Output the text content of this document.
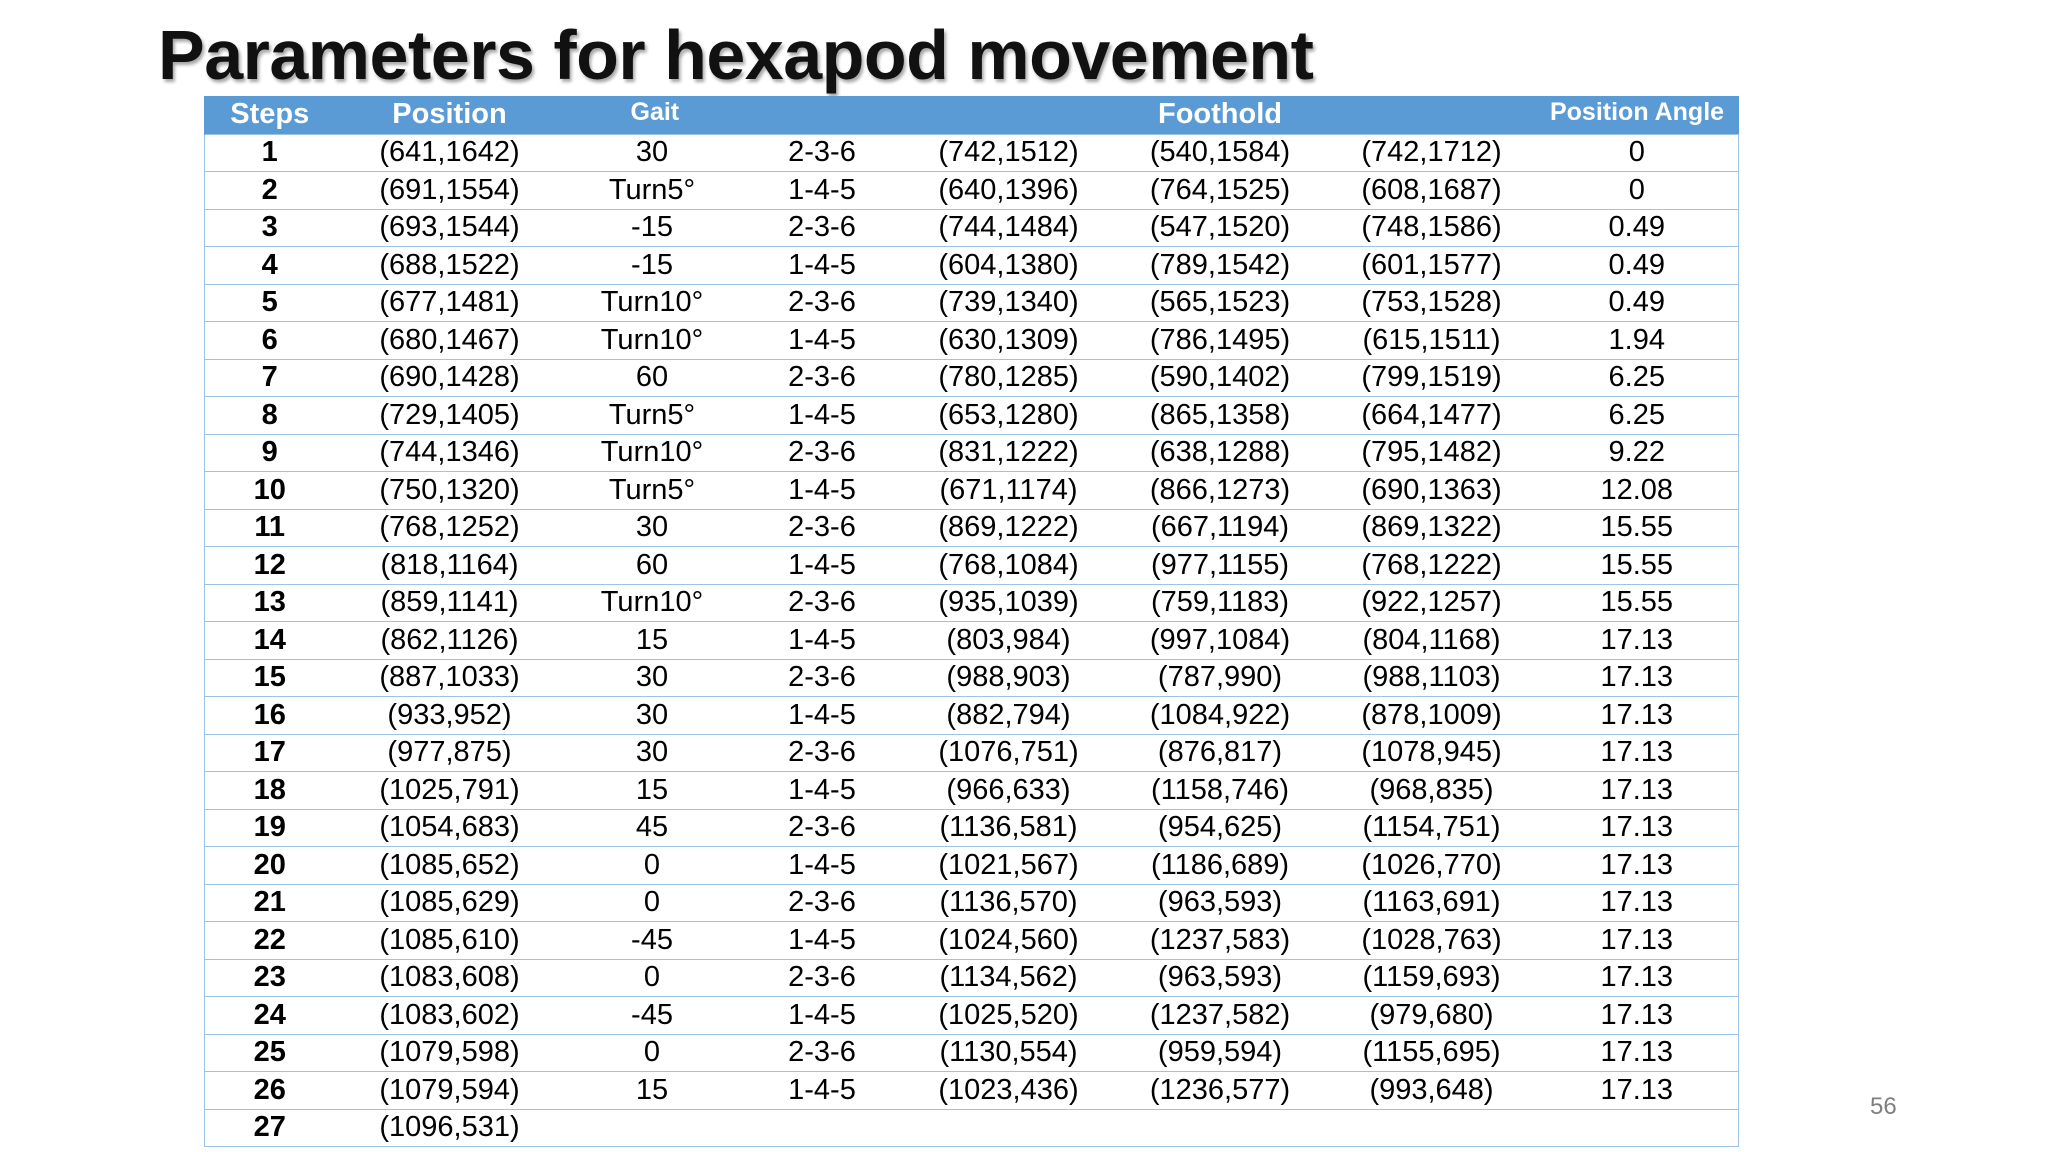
Parameters for hexapod movement
Steps	Position	Gait		Foothold			Position Angle
1	(641,1642)	30	2-3-6	(742,1512)	(540,1584)	(742,1712)	0
2	(691,1554)	Turn5°	1-4-5	(640,1396)	(764,1525)	(608,1687)	0
3	(693,1544)	-15	2-3-6	(744,1484)	(547,1520)	(748,1586)	0.49
4	(688,1522)	-15	1-4-5	(604,1380)	(789,1542)	(601,1577)	0.49
5	(677,1481)	Turn10°	2-3-6	(739,1340)	(565,1523)	(753,1528)	0.49
6	(680,1467)	Turn10°	1-4-5	(630,1309)	(786,1495)	(615,1511)	1.94
7	(690,1428)	60	2-3-6	(780,1285)	(590,1402)	(799,1519)	6.25
8	(729,1405)	Turn5°	1-4-5	(653,1280)	(865,1358)	(664,1477)	6.25
9	(744,1346)	Turn10°	2-3-6	(831,1222)	(638,1288)	(795,1482)	9.22
10	(750,1320)	Turn5°	1-4-5	(671,1174)	(866,1273)	(690,1363)	12.08
11	(768,1252)	30	2-3-6	(869,1222)	(667,1194)	(869,1322)	15.55
12	(818,1164)	60	1-4-5	(768,1084)	(977,1155)	(768,1222)	15.55
13	(859,1141)	Turn10°	2-3-6	(935,1039)	(759,1183)	(922,1257)	15.55
14	(862,1126)	15	1-4-5	(803,984)	(997,1084)	(804,1168)	17.13
15	(887,1033)	30	2-3-6	(988,903)	(787,990)	(988,1103)	17.13
16	(933,952)	30	1-4-5	(882,794)	(1084,922)	(878,1009)	17.13
17	(977,875)	30	2-3-6	(1076,751)	(876,817)	(1078,945)	17.13
18	(1025,791)	15	1-4-5	(966,633)	(1158,746)	(968,835)	17.13
19	(1054,683)	45	2-3-6	(1136,581)	(954,625)	(1154,751)	17.13
20	(1085,652)	0	1-4-5	(1021,567)	(1186,689)	(1026,770)	17.13
21	(1085,629)	0	2-3-6	(1136,570)	(963,593)	(1163,691)	17.13
22	(1085,610)	-45	1-4-5	(1024,560)	(1237,583)	(1028,763)	17.13
23	(1083,608)	0	2-3-6	(1134,562)	(963,593)	(1159,693)	17.13
24	(1083,602)	-45	1-4-5	(1025,520)	(1237,582)	(979,680)	17.13
25	(1079,598)	0	2-3-6	(1130,554)	(959,594)	(1155,695)	17.13
26	(1079,594)	15	1-4-5	(1023,436)	(1236,577)	(993,648)	17.13
27	(1096,531)						
56
